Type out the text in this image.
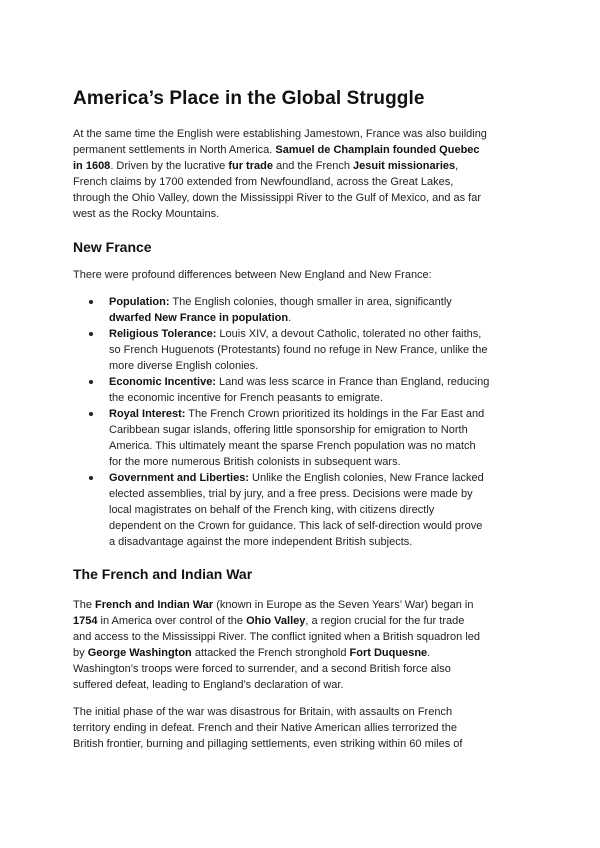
America’s Place in the Global Struggle
At the same time the English were establishing Jamestown, France was also building
permanent settlements in North America. Samuel de Champlain founded Quebec
in 1608. Driven by the lucrative fur trade and the French Jesuit missionaries,
French claims by 1700 extended from Newfoundland, across the Great Lakes,
through the Ohio Valley, down the Mississippi River to the Gulf of Mexico, and as far
west as the Rocky Mountains.
New France
There were profound differences between New England and New France:
Population: The English colonies, though smaller in area, significantly
dwarfed New France in population.
Religious Tolerance: Louis XIV, a devout Catholic, tolerated no other faiths,
so French Huguenots (Protestants) found no refuge in New France, unlike the
more diverse English colonies.
Economic Incentive: Land was less scarce in France than England, reducing
the economic incentive for French peasants to emigrate.
Royal Interest: The French Crown prioritized its holdings in the Far East and
Caribbean sugar islands, offering little sponsorship for emigration to North
America. This ultimately meant the sparse French population was no match
for the more numerous British colonists in subsequent wars.
Government and Liberties: Unlike the English colonies, New France lacked
elected assemblies, trial by jury, and a free press. Decisions were made by
local magistrates on behalf of the French king, with citizens directly
dependent on the Crown for guidance. This lack of self-direction would prove
a disadvantage against the more independent British subjects.
The French and Indian War
The French and Indian War (known in Europe as the Seven Years’ War) began in
1754 in America over control of the Ohio Valley, a region crucial for the fur trade
and access to the Mississippi River. The conflict ignited when a British squadron led
by George Washington attacked the French stronghold Fort Duquesne.
Washington’s troops were forced to surrender, and a second British force also
suffered defeat, leading to England’s declaration of war.
The initial phase of the war was disastrous for Britain, with assaults on French
territory ending in defeat. French and their Native American allies terrorized the
British frontier, burning and pillaging settlements, even striking within 60 miles of
